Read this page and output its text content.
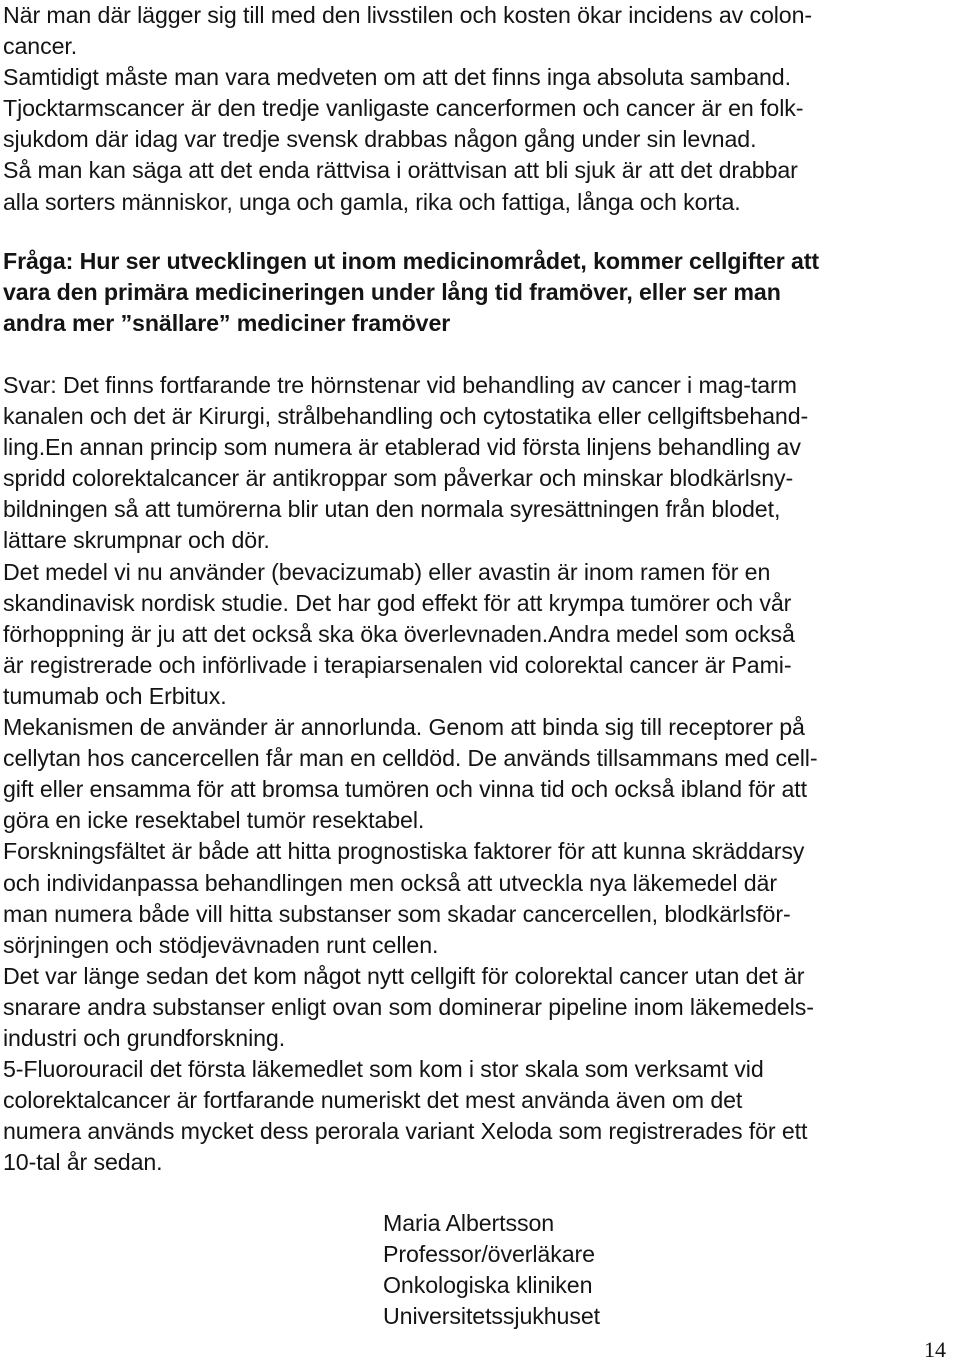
När man där lägger sig till med den livsstilen och kosten ökar incidens av colon-
cancer.
Samtidigt måste man vara medveten om att det finns inga absoluta samband.
Tjocktarmscancer är den tredje vanligaste cancerformen och cancer är en folk-
sjukdom där idag var tredje svensk drabbas någon gång under sin levnad.
Så man kan säga att det enda rättvisa i orättvisan att bli sjuk är att det drabbar
alla sorters människor, unga och gamla, rika och fattiga, långa och korta.
Fråga: Hur ser utvecklingen ut inom medicinområdet, kommer cellgifter att
vara den primära medicineringen under lång tid framöver, eller ser man
andra mer ”snällare” mediciner framöver
Svar: Det finns fortfarande tre hörnstenar vid behandling av cancer i mag-tarm
kanalen och det är Kirurgi, strålbehandling och cytostatika eller cellgiftsbehand-
ling.En annan princip som numera är etablerad vid första linjens behandling av
spridd colorektalcancer är antikroppar som påverkar och minskar blodkärlsny-
bildningen så att tumörerna blir utan den normala syresättningen från blodet,
lättare skrumpnar och dör.
Det medel vi nu använder (bevacizumab) eller avastin är inom ramen för en
skandinavisk nordisk studie. Det har god effekt för att krympa tumörer och vår
förhoppning är ju att det också ska öka överlevnaden.Andra medel som också
är registrerade och införlivade i terapiarsenalen vid colorektal cancer är Pami-
tumumab och Erbitux.
Mekanismen de använder är annorlunda. Genom att binda sig till receptorer på
cellytan hos cancercellen får man en celldöd. De används tillsammans med cell-
gift eller ensamma för att bromsa tumören och vinna tid och också ibland för att
göra en icke resektabel tumör resektabel.
Forskningsfältet är både att hitta prognostiska faktorer för att kunna skräddarsy
och individanpassa behandlingen men också att utveckla nya läkemedel där
man numera både vill hitta substanser som skadar cancercellen, blodkärlsför-
sörjningen och stödjevävnaden runt cellen.
Det var länge sedan det kom något nytt cellgift för colorektal cancer utan det är
snarare andra substanser enligt ovan som dominerar pipeline inom läkemedels-
industri och grundforskning.
5-Fluorouracil det första läkemedlet som kom i stor skala som verksamt vid
colorektalcancer är fortfarande numeriskt det mest använda även om det
numera används mycket dess perorala variant Xeloda som registrerades för ett
10-tal år sedan.
Maria Albertsson
Professor/överläkare
Onkologiska kliniken
Universitetssjukhuset
14
